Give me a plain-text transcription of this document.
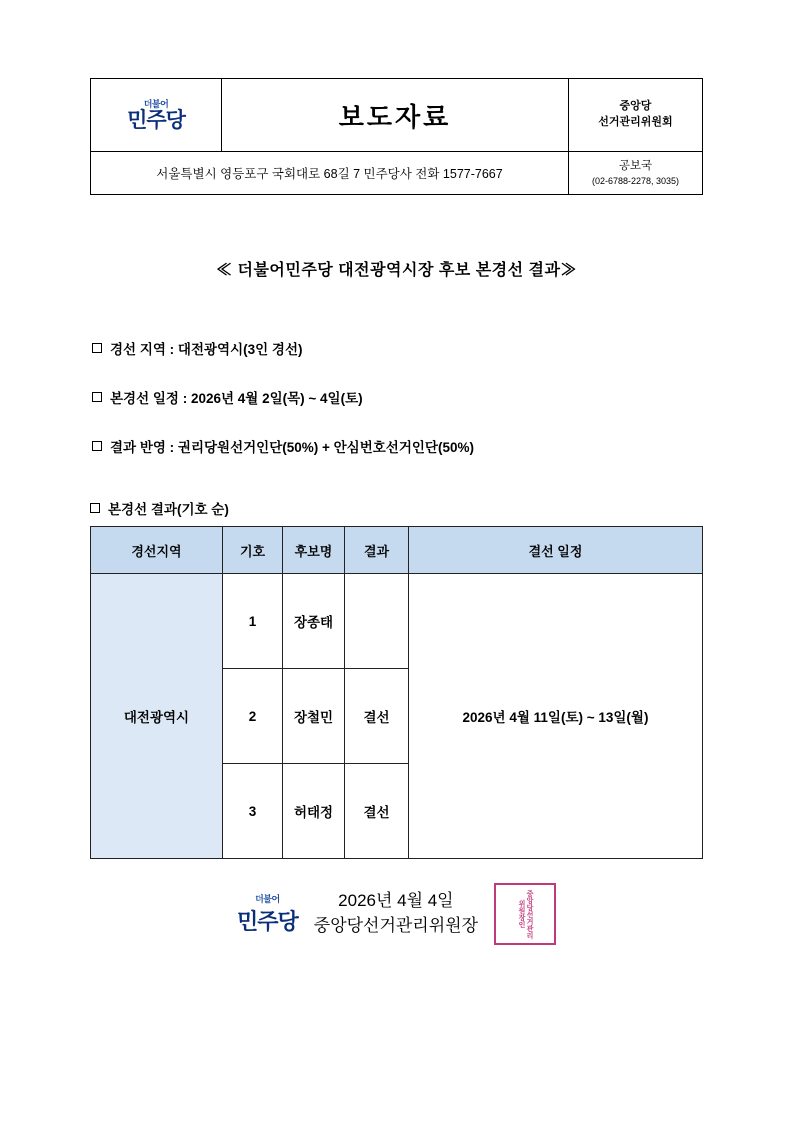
더불어
민주당	보도자료	중앙당
선거관리위원회
서울특별시 영등포구 국회대로 68길 7 민주당사 전화 1577-7667
공보국
(02-6788-2278, 3035)
≪ 더불어민주당 대전광역시장 후보 본경선 결과≫
경선 지역 : 대전광역시(3인 경선)
본경선 일정 : 2026년 4월 2일(목) ~ 4일(토)
결과 반영 : 권리당원선거인단(50%) + 안심번호선거인단(50%)
본경선 결과(기호 순)
경선지역	기호	후보명	결과	결선 일정
대전광역시	1	장종태		2026년 4월 11일(토) ~ 13일(월)
	2	장철민	결선	
	3	허태정	결선	
더불어
민주당
2026년 4월 4일
중앙당선거관리위원장	중앙당선거관리위원장인
